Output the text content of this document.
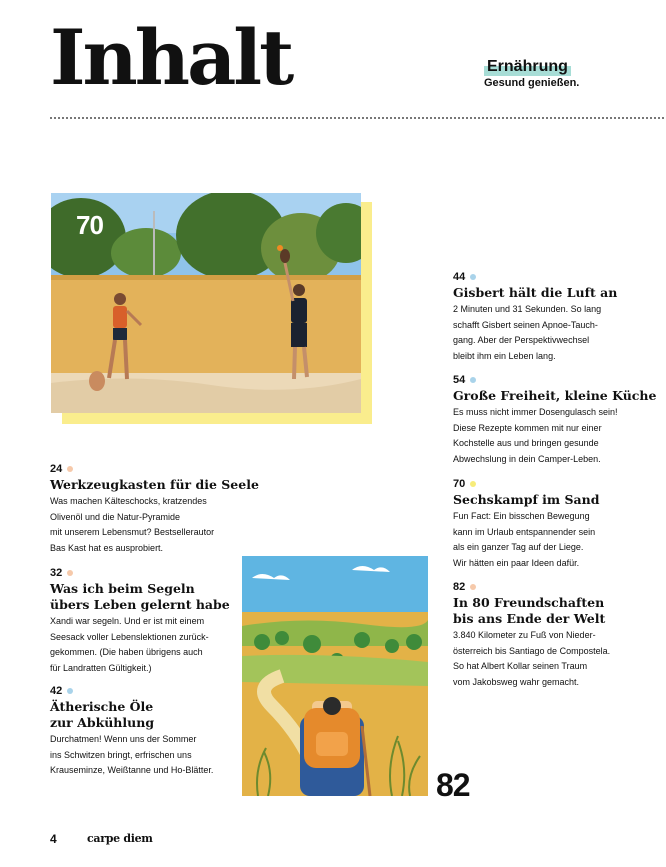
Inhalt	Ernährung
Gesund genießen.
70
82
24
Werkzeugkasten für die Seele
Was machen Kälteschocks, kratzendes
Olivenöl und die Natur-Pyramide
mit unserem Lebensmut? Bestsellerautor
Bas Kast hat es ausprobiert.
32
Was ich beim Segeln
übers Leben gelernt habe
Xandi war segeln. Und er ist mit einem
Seesack voller Lebenslektionen zurück-
gekommen. (Die haben übrigens auch
für Landratten Gültigkeit.)
42
Ätherische Öle
zur Abkühlung
Durchatmen! Wenn uns der Sommer
ins Schwitzen bringt, erfrischen uns
Krauseminze, Weißtanne und Ho-Blätter.
44
Gisbert hält die Luft an
2 Minuten und 31 Sekunden. So lang
schafft Gisbert seinen Apnoe-Tauch-
gang. Aber der Perspektivwechsel
bleibt ihm ein Leben lang.
54
Große Freiheit, kleine Küche
Es muss nicht immer Dosengulasch sein!
Diese Rezepte kommen mit nur einer
Kochstelle aus und bringen gesunde
Abwechslung in dein Camper-Leben.
70
Sechskampf im Sand
Fun Fact: Ein bisschen Bewegung
kann im Urlaub entspannender sein
als ein ganzer Tag auf der Liege.
Wir hätten ein paar Ideen dafür.
82
In 80 Freundschaften
bis ans Ende der Welt
3.840 Kilometer zu Fuß von Nieder-
österreich bis Santiago de Compostela.
So hat Albert Kollar seinen Traum
vom Jakobsweg wahr gemacht.
4	carpe diem
